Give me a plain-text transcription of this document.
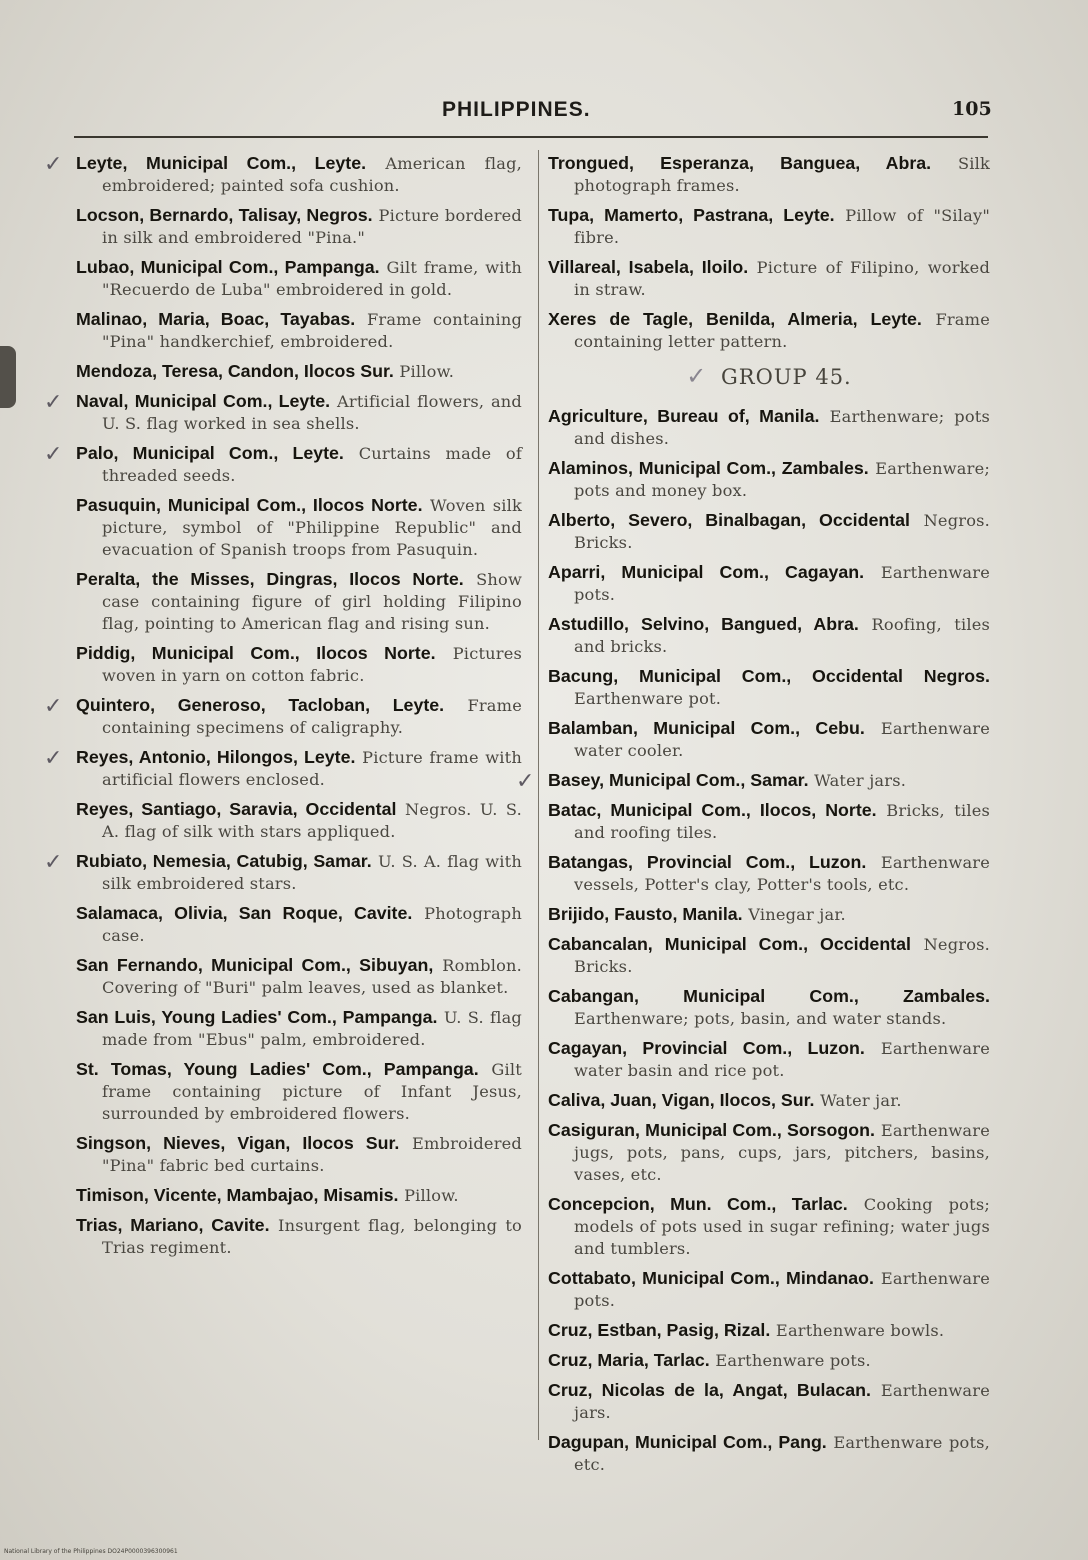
PHILIPPINES.	105

✓ Leyte, Municipal Com., Leyte. American flag, embroidered; painted sofa cushion.

Locson, Bernardo, Talisay, Negros. Picture bordered in silk and embroidered "Pina."

Lubao, Municipal Com., Pampanga. Gilt frame, with "Recuerdo de Luba" embroidered in gold.

Malinao, Maria, Boac, Tayabas. Frame containing "Pina" handkerchief, embroidered.

Mendoza, Teresa, Candon, Ilocos Sur. Pillow.

✓ Naval, Municipal Com., Leyte. Artificial flowers, and U. S. flag worked in sea shells.

✓ Palo, Municipal Com., Leyte. Curtains made of threaded seeds.

Pasuquin, Municipal Com., Ilocos Norte. Woven silk picture, symbol of "Philippine Republic" and evacuation of Spanish troops from Pasuquin.

Peralta, the Misses, Dingras, Ilocos Norte. Show case containing figure of girl holding Filipino flag, pointing to American flag and rising sun.

Piddig, Municipal Com., Ilocos Norte. Pictures woven in yarn on cotton fabric.

✓ Quintero, Generoso, Tacloban, Leyte. Frame containing specimens of caligraphy.

✓ Reyes, Antonio, Hilongos, Leyte. Picture frame with artificial flowers enclosed.

Reyes, Santiago, Saravia, Occidental Negros. U. S. A. flag of silk with stars appliqued.

✓ Rubiato, Nemesia, Catubig, Samar. U. S. A. flag with silk embroidered stars.

Salamaca, Olivia, San Roque, Cavite. Photograph case.

San Fernando, Municipal Com., Sibuyan, Romblon. Covering of "Buri" palm leaves, used as blanket.

San Luis, Young Ladies' Com., Pampanga. U. S. flag made from "Ebus" palm, embroidered.

St. Tomas, Young Ladies' Com., Pampanga. Gilt frame containing picture of Infant Jesus, surrounded by embroidered flowers.

Singson, Nieves, Vigan, Ilocos Sur. Embroidered "Pina" fabric bed curtains.

Timison, Vicente, Mambajao, Misamis. Pillow.

Trias, Mariano, Cavite. Insurgent flag, belonging to Trias regiment.

Trongued, Esperanza, Banguea, Abra. Silk photograph frames.

Tupa, Mamerto, Pastrana, Leyte. Pillow of "Silay" fibre.

Villareal, Isabela, Iloilo. Picture of Filipino, worked in straw.

Xeres de Tagle, Benilda, Almeria, Leyte. Frame containing letter pattern.

✓ GROUP 45.

Agriculture, Bureau of, Manila. Earthenware; pots and dishes.

Alaminos, Municipal Com., Zambales. Earthenware; pots and money box.

Alberto, Severo, Binalbagan, Occidental Negros. Bricks.

Aparri, Municipal Com., Cagayan. Earthenware pots.

Astudillo, Selvino, Bangued, Abra. Roofing, tiles and bricks.

Bacung, Municipal Com., Occidental Negros. Earthenware pot.

Balamban, Municipal Com., Cebu. Earthenware water cooler.

✓ Basey, Municipal Com., Samar. Water jars.

Batac, Municipal Com., Ilocos, Norte. Bricks, tiles and roofing tiles.

Batangas, Provincial Com., Luzon. Earthenware vessels, Potter's clay, Potter's tools, etc.

Brijido, Fausto, Manila. Vinegar jar.

Cabancalan, Municipal Com., Occidental Negros. Bricks.

Cabangan, Municipal Com., Zambales. Earthenware; pots, basin, and water stands.

Cagayan, Provincial Com., Luzon. Earthenware water basin and rice pot.

Caliva, Juan, Vigan, Ilocos, Sur. Water jar.

Casiguran, Municipal Com., Sorsogon. Earthenware jugs, pots, pans, cups, jars, pitchers, basins, vases, etc.

Concepcion, Mun. Com., Tarlac. Cooking pots; models of pots used in sugar refining; water jugs and tumblers.

Cottabato, Municipal Com., Mindanao. Earthenware pots.

Cruz, Estban, Pasig, Rizal. Earthenware bowls.

Cruz, Maria, Tarlac. Earthenware pots.

Cruz, Nicolas de la, Angat, Bulacan. Earthenware jars.

Dagupan, Municipal Com., Pang. Earthenware pots, etc.

National Library of the Philippines DO24P0000396300961
